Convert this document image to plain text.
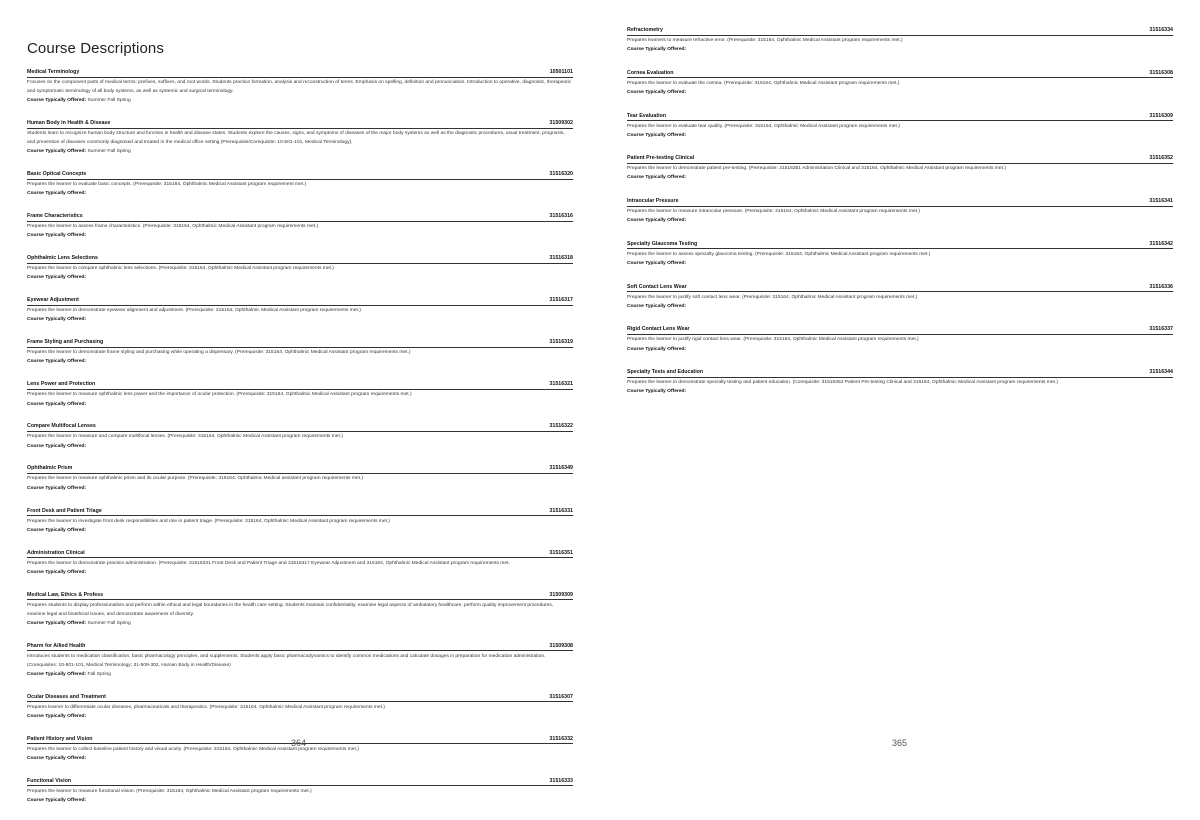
Course Descriptions
Medical Terminology	10501101
Focuses on the component parts of medical terms: prefixes, suffixes, and root words. Students practice formation, analysis and reconstruction of terms. Emphasis on spelling, definition and pronunciation. Introduction to operative, diagnostic, therapeutic and symptomatic terminology of all body systems, as well as systemic and surgical terminology.
Course Typically Offered: Summer Fall Spring
Human Body in Health & Disease	31509302
Students learn to recognize human body structure and function in health and disease states. Students explore the causes, signs, and symptoms of diseases of the major body systems as well as the diagnostic procedures, usual treatment, prognosis, and prevention of diseases commonly diagnosed and treated in the medical office setting.(Prerequisite/Corequisite: 10-501-101, Medical Terminology).
Course Typically Offered: Summer Fall Spring
Basic Optical Concepts	31516320
Prepares the learner to evaluate basic concepts. (Prerequisite: 315164, Ophthalmic Medical Assistant program requirement met.)
Course Typically Offered:
Frame Characteristics	31516316
Prepares the learner to assess frame characteristics. (Prerequisite: 315164, Ophthalmic Medical Assistant program requirements met.)
Course Typically Offered:
Ophthalmic Lens Selections	31516318
Prepares the learner to compare ophthalmic lens selections. (Prerequisite: 315164, Ophthalmic Medical Assistant program requirements met.)
Course Typically Offered:
Eyewear Adjustment	31516317
Prepares the learner to demonstrate eyewear alignment and adjustment. (Prerequisite: 315164, Ophthalmic Medical Assistant program requirements met.)
Course Typically Offered:
Frame Styling and Purchasing	31516319
Prepares the learner to demonstrate frame styling and purchasing while operating a dispensary. (Prerequisite: 315164, Ophthalmic Medical Assistant program requirements met.)
Course Typically Offered:
Lens Power and Protection	31516321
Prepares the learner to measure ophthalmic lens power and the importance of ocular protection. (Prerequisite: 315164, Ophthalmic Medical Assistant program requirements met.)
Course Typically Offered:
Compare Multifocal Lenses	31516322
Prepares the learner to measure and compare multifocal lenses. (Prerequisite: 315164, Ophthalmic Medical Assistant program requirements met.)
Course Typically Offered:
Ophthalmic Prism	31516349
Prepares the learner to measure ophthalmic prism and its ocular purpose. (Prerequisite: 315164, Ophthalmic Medical assistant program requirements met.)
Course Typically Offered:
Front Desk and Patient Triage	31516331
Prepares the learner to investigate front desk responsibilities and role in patient triage. (Prerequisite: 315164, Ophthalmic Medical Assistant program requirements met.)
Course Typically Offered:
Administration Clinical	31516351
Prepares the learner to demonstrate practice administration. (Prerequisite: 31516331 Front Desk and Patient Triage and 31516317 Eyewear Adjustment and 315164, Ophthalmic Medical Assistant program requirements met.
Course Typically Offered:
Medical Law, Ethics & Profess	31509309
Prepares students to display professionalism and perform within ethical and legal boundaries in the health care setting. Students maintain confidentiality, examine legal aspects of ambulatory healthcare, perform quality improvement procedures, examine legal and bioethical issues, and demonstrate awareness of diversity.
Course Typically Offered: Summer Fall Spring
Pharm for Allied Health	31509308
Introduces students to medication classification, basic pharmacology principles, and supplements. Students apply basic pharmacodynamics to identify common medications and calculate dosages in preparation for medication administration. (Corequisites: 10-501-101, Medical Terminology; 31-509-302, Human Body in Health/Disease)
Course Typically Offered: Fall Spring
Ocular Diseases and Treatment	31516307
Prepares learner to differentiate ocular diseases, pharmaceuticals and therapeutics. (Prerequisite: 315164, Ophthalmic Medical Assistant program requirements met.)
Course Typically Offered:
Patient History and Vision	31516332
Prepares the learner to collect baseline patient history and visual acuity. (Prerequisite: 315164, Ophthalmic Medical Assistant program requirements met.)
Course Typically Offered:
Functional Vision	31516333
Prepares the learner to measure functional vision. (Prerequisite: 315164, Ophthalmic Medical Assistant program requirements met.)
Course Typically Offered:
364
Refractometry	31516334
Prepares learners to measure refractive error. (Prerequisite: 315164, Ophthalmic Medical Assistant program requirements met.)
Course Typically Offered:
Cornea Evaluation	31516308
Prepares the learner to evaluate the cornea. (Prerequisite: 315164, Ophthalmic Medical Assistant program requirements met.)
Course Typically Offered:
Tear Evaluation	31516309
Prepares the learner to evaluate tear quality. (Prerequisite: 315164, Ophthalmic Medical Assistant program requirements met.)
Course Typically Offered:
Patient Pre-testing Clinical	31516352
Prepares the learner to demonstrate patient pre-testing. (Prerequisite: 31516351 Administration Clinical and 315164, Ophthalmic Medical Assistant program requirements met.)
Course Typically Offered:
Intraocular Pressure	31516341
Prepares the learner to measure intraocular pressure. (Prerequisite: 315164, Ophthalmic Medical Assistant program requirements met.)
Course Typically Offered:
Specialty Glaucoma Testing	31516342
Prepares the learner to assess specialty glaucoma testing. (Prerequisite: 315164, Ophthalmic Medical Assistant program requirements met.)
Course Typically Offered:
Soft Contact Lens Wear	31516336
Prepares the learner to justify soft contact lens wear. (Prerequisite: 315164, Ophthalmic Medical Assistant program requirements met.)
Course Typically Offered:
Rigid Contact Lens Wear	31516337
Prepares the learner to justify rigid contact lens wear. (Prerequisite: 315164, Ophthalmic Medical Assistant program requirements met.)
Course Typically Offered:
Specialty Tests and Education	31516344
Prepares the learner to demonstrate specialty testing and patient education. (Corequisite: 31516352 Patient Pre-testing Clinical and 315164, Ophthalmic Medical Assistant program requirements met.)
Course Typically Offered:
365
